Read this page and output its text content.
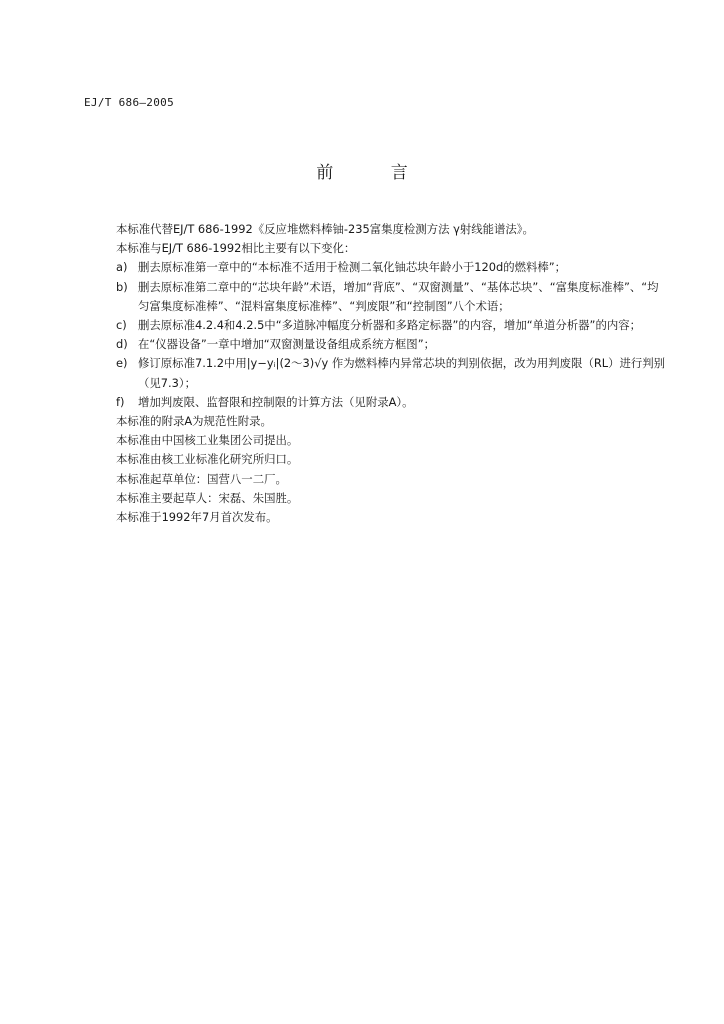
EJ/T 686—2005
前 言
本标准代替EJ/T 686-1992《反应堆燃料棒铀-235富集度检测方法 γ射线能谱法》。
本标准与EJ/T 686-1992相比主要有以下变化：
a) 删去原标准第一章中的“本标准不适用于检测二氧化铀芯块年龄小于120d的燃料棒”；
b) 删去原标准第二章中的“芯块年龄”术语，增加“背底”、“双窗测量”、“基体芯块”、“富集度标准棒”、“均匀富集度标准棒”、“混料富集度标准棒”、“判废限”和“控制图”八个术语；
c) 删去原标准4.2.4和4.2.5中“多道脉冲幅度分析器和多路定标器”的内容，增加“单道分析器”的内容；
d) 在“仪器设备”一章中增加“双窗测量设备组成系统方框图”；
e) 修订原标准7.1.2中用|y−yᵢ|(2～3)√y 作为燃料棒内异常芯块的判别依据，改为用判废限（RL）进行判别（见7.3）；
f) 增加判废限、监督限和控制限的计算方法（见附录A）。
本标准的附录A为规范性附录。
本标准由中国核工业集团公司提出。
本标准由核工业标准化研究所归口。
本标准起草单位：国营八一二厂。
本标准主要起草人：宋磊、朱国胜。
本标准于1992年7月首次发布。
